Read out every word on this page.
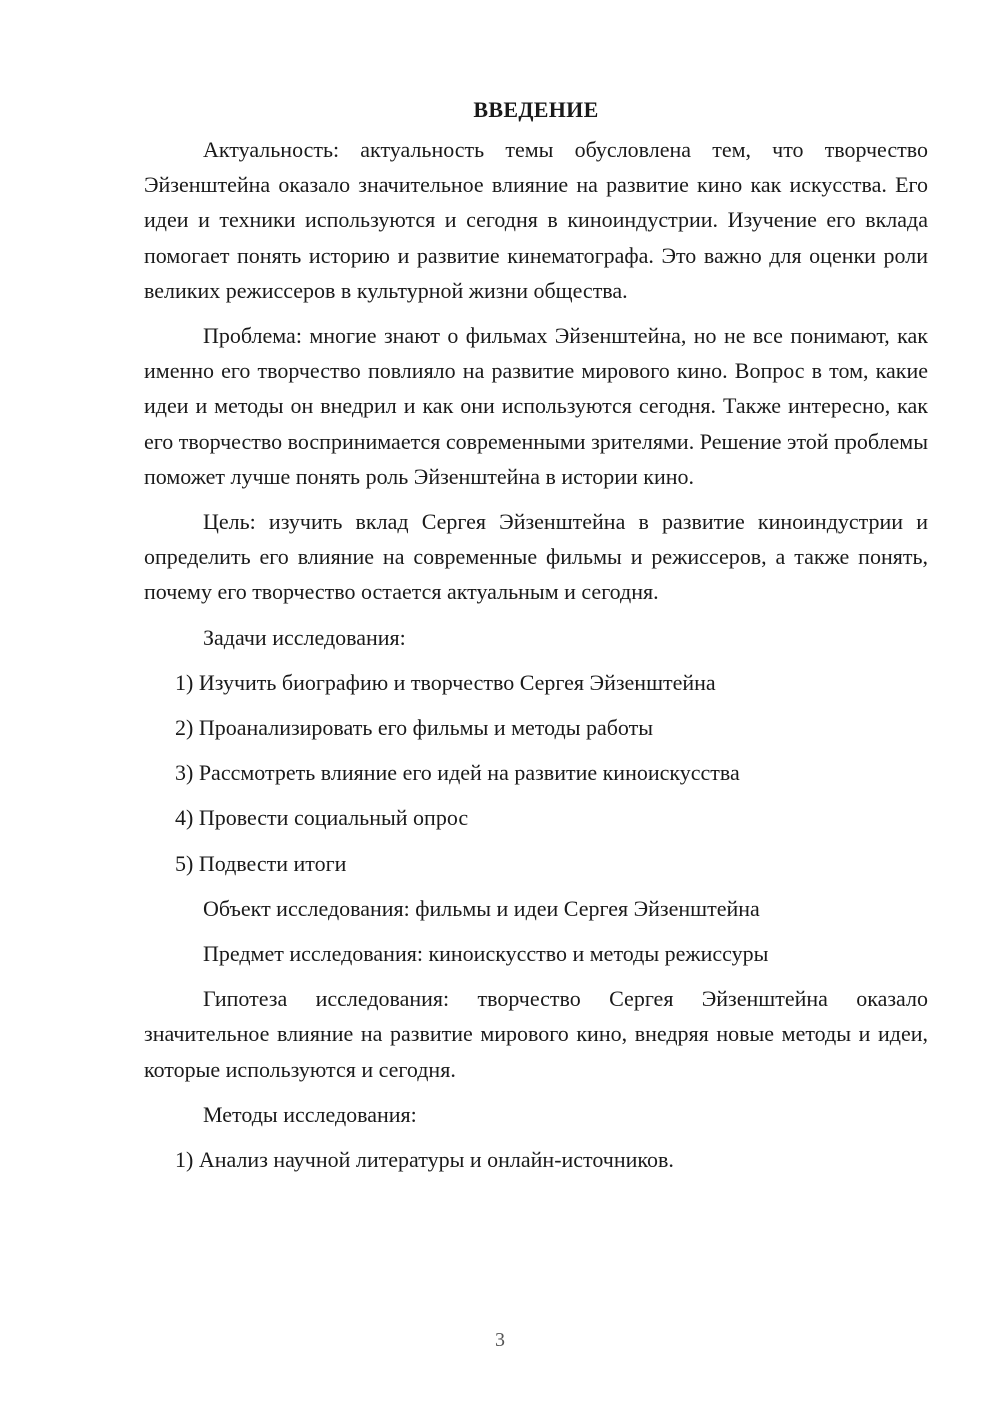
ВВЕДЕНИЕ

Актуальность: актуальность темы обусловлена тем, что творчество Эйзенштейна оказало значительное влияние на развитие кино как искусства. Его идеи и техники используются и сегодня в киноиндустрии. Изучение его вклада помогает понять историю и развитие кинематографа. Это важно для оценки роли великих режиссеров в культурной жизни общества.

Проблема: многие знают о фильмах Эйзенштейна, но не все понимают, как именно его творчество повлияло на развитие мирового кино. Вопрос в том, какие идеи и методы он внедрил и как они используются сегодня. Также интересно, как его творчество воспринимается современными зрителями. Решение этой проблемы поможет лучше понять роль Эйзенштейна в истории кино.

Цель: изучить вклад Сергея Эйзенштейна в развитие киноиндустрии и определить его влияние на современные фильмы и режиссеров, а также понять, почему его творчество остается актуальным и сегодня.

Задачи исследования:
1) Изучить биографию и творчество Сергея Эйзенштейна
2) Проанализировать его фильмы и методы работы
3) Рассмотреть влияние его идей на развитие киноискусства
4) Провести социальный опрос
5) Подвести итоги
Объект исследования: фильмы и идеи Сергея Эйзенштейна
Предмет исследования: киноискусство и методы режиссуры

Гипотеза исследования: творчество Сергея Эйзенштейна оказало значительное влияние на развитие мирового кино, внедряя новые методы и идеи, которые используются и сегодня.

Методы исследования:
1) Анализ научной литературы и онлайн-источников.
3
